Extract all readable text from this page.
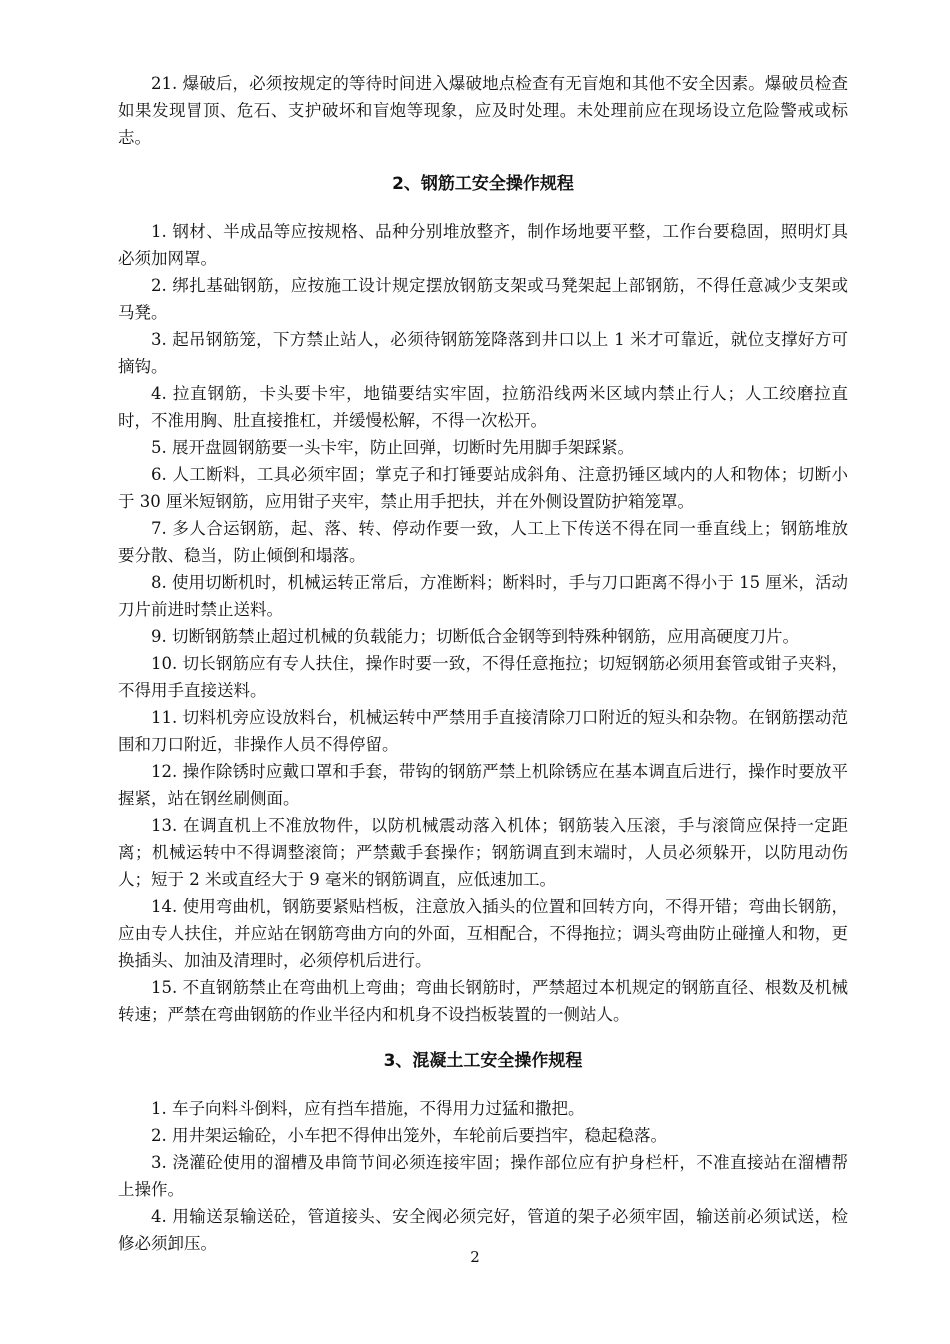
21. 爆破后，必须按规定的等待时间进入爆破地点检查有无盲炮和其他不安全因素。爆破员检查如果发现冒顶、危石、支护破坏和盲炮等现象，应及时处理。未处理前应在现场设立危险警戒或标志。

2、钢筋工安全操作规程

1. 钢材、半成品等应按规格、品种分别堆放整齐，制作场地要平整，工作台要稳固，照明灯具必须加网罩。

2. 绑扎基础钢筋，应按施工设计规定摆放钢筋支架或马凳架起上部钢筋，不得任意减少支架或马凳。

3. 起吊钢筋笼，下方禁止站人，必须待钢筋笼降落到井口以上 1 米才可靠近，就位支撑好方可摘钩。

4. 拉直钢筋，卡头要卡牢，地锚要结实牢固，拉筋沿线两米区域内禁止行人；人工绞磨拉直时，不准用胸、肚直接推杠，并缓慢松解，不得一次松开。

5. 展开盘圆钢筋要一头卡牢，防止回弹，切断时先用脚手架踩紧。

6. 人工断料，工具必须牢固；掌克子和打锤要站成斜角、注意扔锤区域内的人和物体；切断小于 30 厘米短钢筋，应用钳子夹牢，禁止用手把扶，并在外侧设置防护箱笼罩。

7. 多人合运钢筋，起、落、转、停动作要一致，人工上下传送不得在同一垂直线上；钢筋堆放要分散、稳当，防止倾倒和塌落。

8. 使用切断机时，机械运转正常后，方准断料；断料时，手与刀口距离不得小于 15 厘米，活动刀片前进时禁止送料。

9. 切断钢筋禁止超过机械的负载能力；切断低合金钢等到特殊种钢筋，应用高硬度刀片。

10. 切长钢筋应有专人扶住，操作时要一致，不得任意拖拉；切短钢筋必须用套管或钳子夹料，不得用手直接送料。

11. 切料机旁应设放料台，机械运转中严禁用手直接清除刀口附近的短头和杂物。在钢筋摆动范围和刀口附近，非操作人员不得停留。

12. 操作除锈时应戴口罩和手套，带钩的钢筋严禁上机除锈应在基本调直后进行，操作时要放平握紧，站在钢丝刷侧面。

13. 在调直机上不准放物件，以防机械震动落入机体；钢筋装入压滚，手与滚筒应保持一定距离；机械运转中不得调整滚筒；严禁戴手套操作；钢筋调直到末端时，人员必须躲开，以防甩动伤人；短于 2 米或直经大于 9 毫米的钢筋调直，应低速加工。

14. 使用弯曲机，钢筋要紧贴档板，注意放入插头的位置和回转方向，不得开错；弯曲长钢筋，应由专人扶住，并应站在钢筋弯曲方向的外面，互相配合，不得拖拉；调头弯曲防止碰撞人和物，更换插头、加油及清理时，必须停机后进行。

15. 不直钢筋禁止在弯曲机上弯曲；弯曲长钢筋时，严禁超过本机规定的钢筋直径、根数及机械转速；严禁在弯曲钢筋的作业半径内和机身不设挡板装置的一侧站人。

3、混凝土工安全操作规程

1. 车子向料斗倒料，应有挡车措施，不得用力过猛和撒把。

2. 用井架运输砼，小车把不得伸出笼外，车轮前后要挡牢，稳起稳落。

3. 浇灌砼使用的溜槽及串筒节间必须连接牢固；操作部位应有护身栏杆，不准直接站在溜槽帮上操作。

4. 用输送泵输送砼，管道接头、安全阀必须完好，管道的架子必须牢固，输送前必须试送，检修必须卸压。

2
